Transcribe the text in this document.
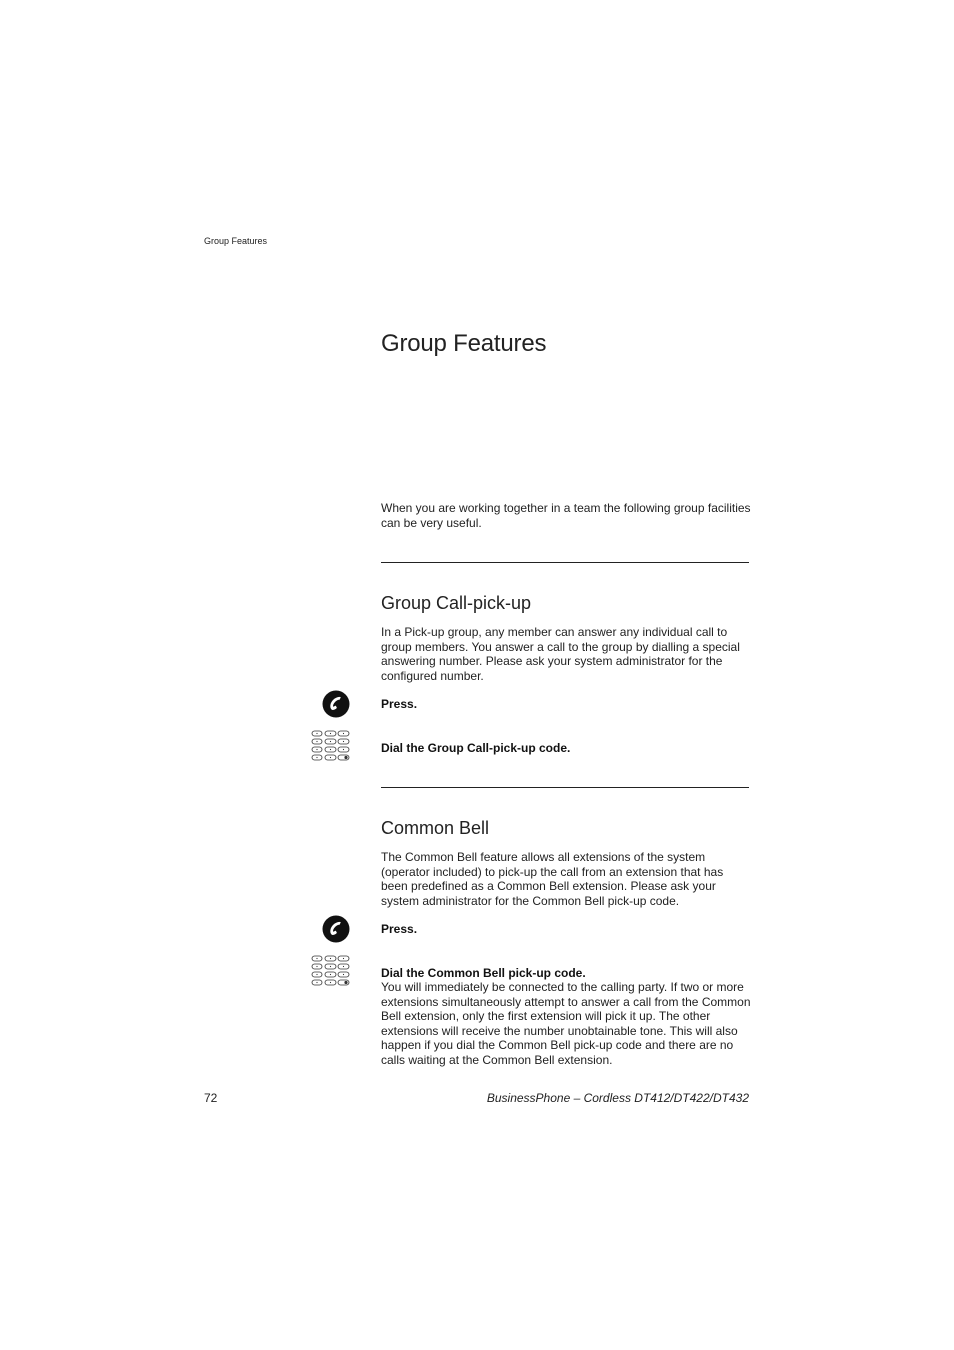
Group Features
Group Features
When you are working together in a team the following group facilities can be very useful.
Group Call-pick-up
In a Pick-up group, any member can answer any individual call to group members. You answer a call to the group by dialling a special answering number. Please ask your system administrator for the configured number.
Press.
Dial the Group Call-pick-up code.
Common Bell
The Common Bell feature allows all extensions of the system (operator included) to pick-up the call from an extension that has been predefined as a Common Bell extension. Please ask your system administrator for the Common Bell pick-up code.
Press.
Dial the Common Bell pick-up code.
You will immediately be connected to the calling party. If two or more extensions simultaneously attempt to answer a call from the Common Bell extension, only the first extension will pick it up. The other extensions will receive the number unobtainable tone. This will also happen if you dial the Common Bell pick-up code and there are no calls waiting at the Common Bell extension.
72	BusinessPhone – Cordless DT412/DT422/DT432
